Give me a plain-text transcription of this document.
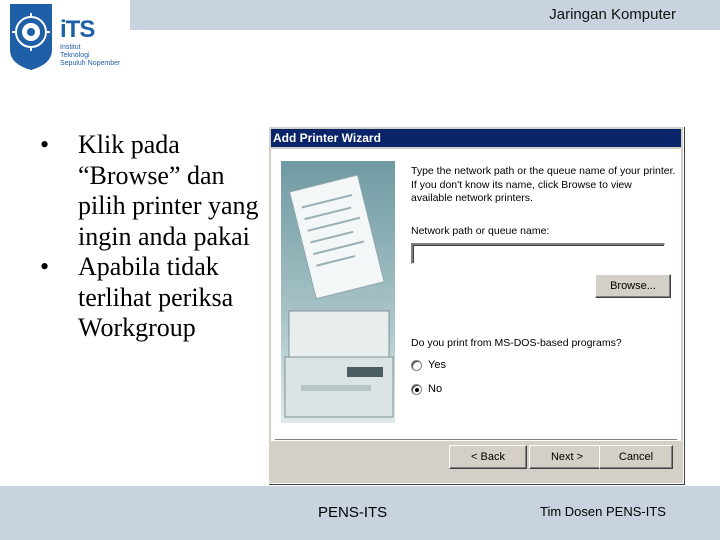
Jaringan Komputer
iTS
Institut
Teknologi
Sepuluh Nopember
• Klik pada “Browse” dan pilih printer yang ingin anda pakai
• Apabila tidak terlihat periksa Workgroup
Add Printer Wizard
Type the network path or the queue name of your printer. If you don't know its name, click Browse to view available network printers.
Network path or queue name:
Browse...
Do you print from MS-DOS-based programs?
Yes
No
< Back	Next >	Cancel
PENS-ITS	Tim Dosen PENS-ITS
